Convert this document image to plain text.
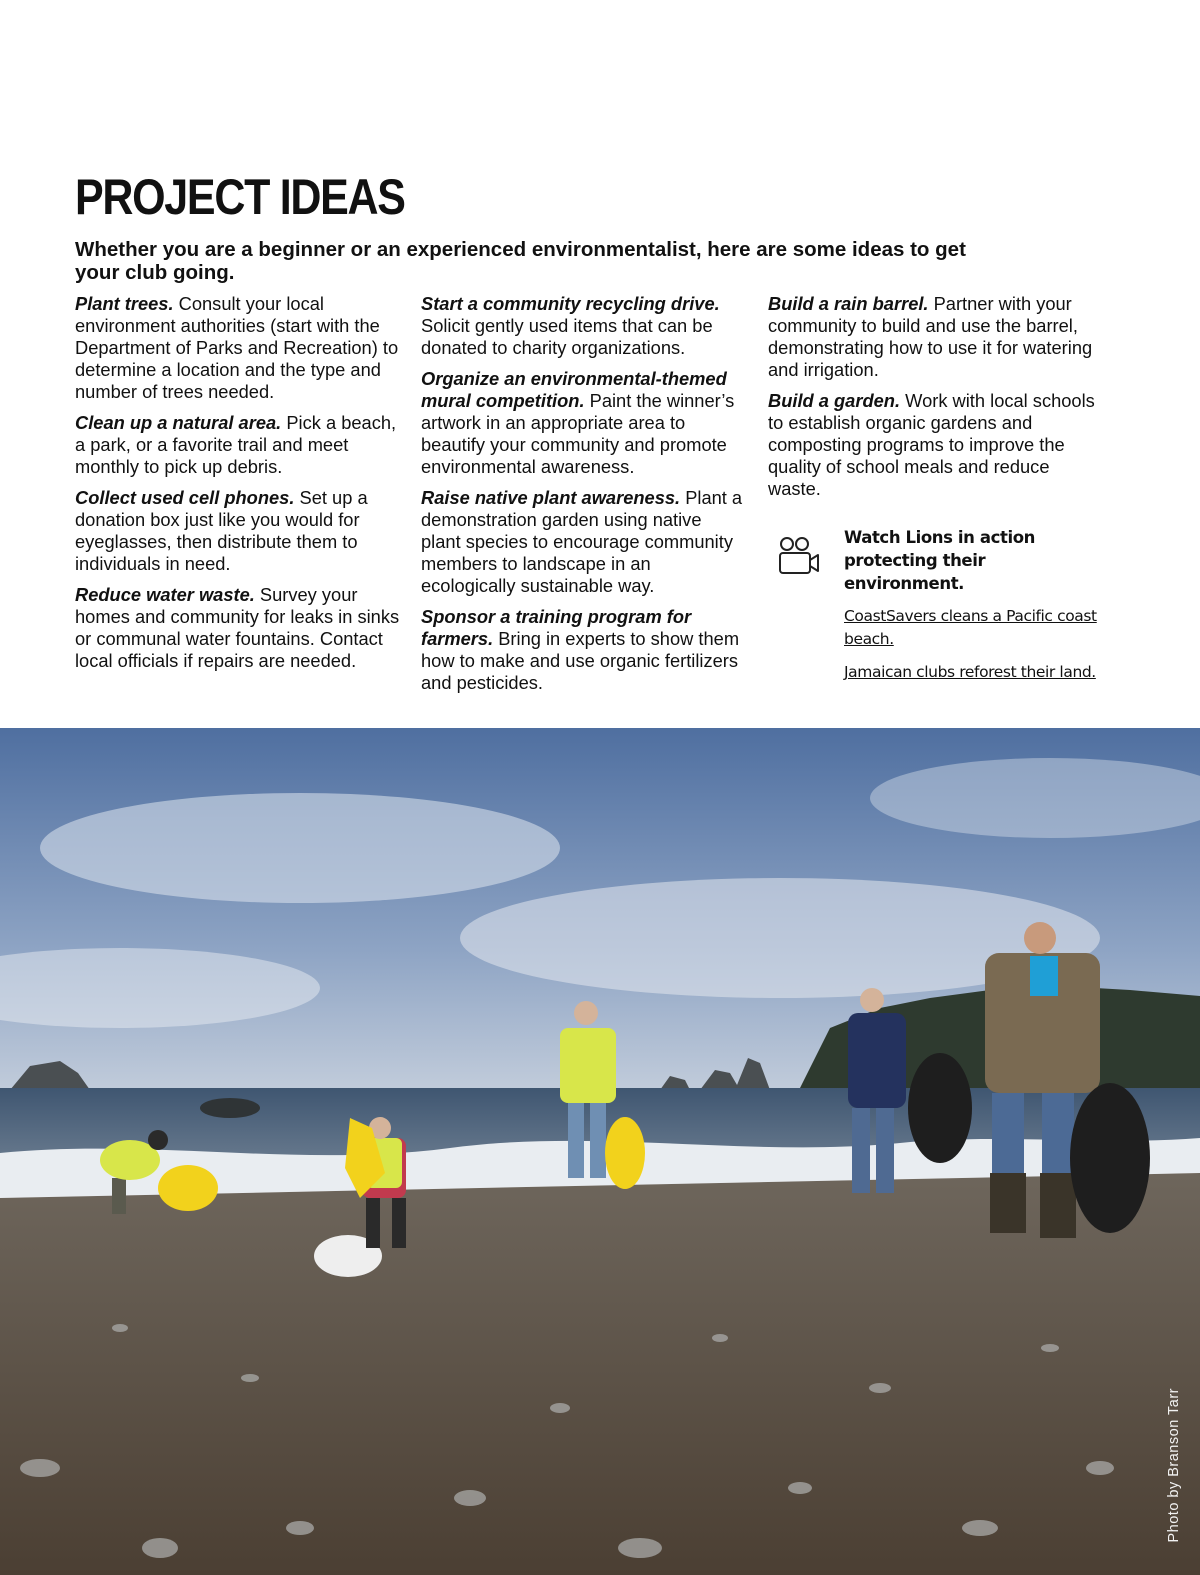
PROJECT IDEAS

Whether you are a beginner or an experienced environmentalist, here are some ideas to get your club going.

Plant trees. Consult your local environment authorities (start with the Department of Parks and Recreation) to determine a location and the type and number of trees needed.

Clean up a natural area. Pick a beach, a park, or a favorite trail and meet monthly to pick up debris.

Collect used cell phones. Set up a donation box just like you would for eyeglasses, then distribute them to individuals in need.

Reduce water waste. Survey your homes and community for leaks in sinks or communal water fountains. Contact local officials if repairs are needed.

Start a community recycling drive. Solicit gently used items that can be donated to charity organizations.

Organize an environmental-themed mural competition. Paint the winner’s artwork in an appropriate area to beautify your community and promote environmental awareness.

Raise native plant awareness. Plant a demonstration garden using native plant species to encourage community members to landscape in an ecologically sustainable way.

Sponsor a training program for farmers. Bring in experts to show them how to make and use organic fertilizers and pesticides.

Build a rain barrel. Partner with your community to build and use the barrel, demonstrating how to use it for watering and irrigation.

Build a garden. Work with local schools to establish organic gardens and composting programs to improve the quality of school meals and reduce waste.

Watch Lions in action protecting their environment.
CoastSavers cleans a Pacific coast beach.
Jamaican clubs reforest their land.
Photo by Branson Tarr
